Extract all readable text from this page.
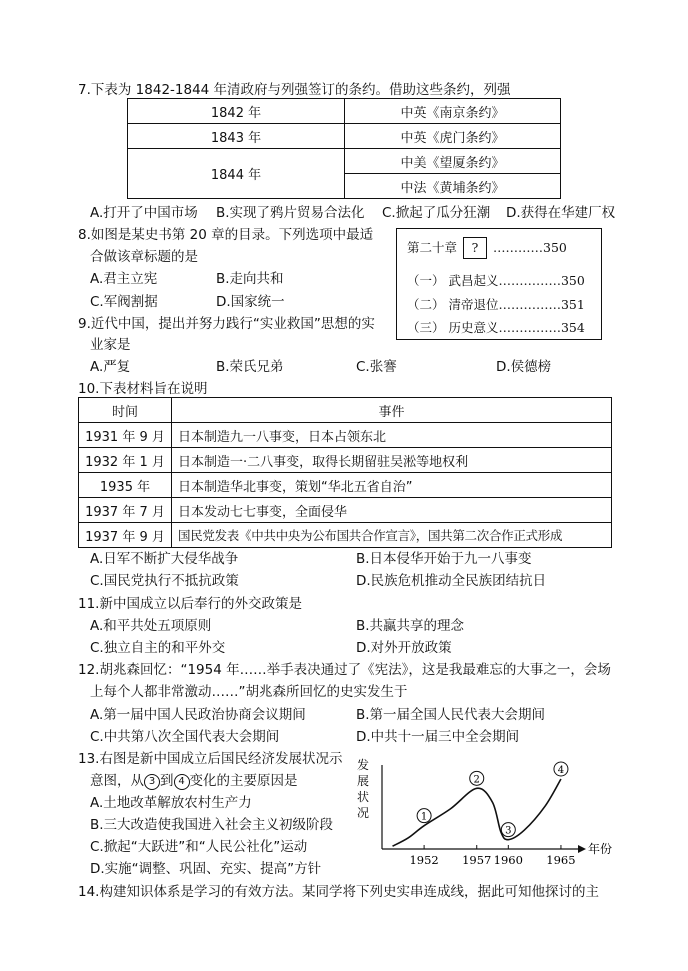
7.下表为 1842-1844 年清政府与列强签订的条约。借助这些条约，列强
1842 年	中英《南京条约》
1843 年	中英《虎门条约》
1844 年	中美《望厦条约》
	中法《黄埔条约》
A.打开了中国市场 B.实现了鸦片贸易合法化 C.掀起了瓜分狂潮 D.获得在华建厂权
8.如图是某史书第 20 章的目录。下列选项中最适
合做该章标题的是
A.君主立宪	B.走向共和
C.军阀割据	D.国家统一
第二十章 ? …………350
（一） 武昌起义……………350
（二） 清帝退位……………351
（三） 历史意义……………354
9.近代中国，提出并努力践行“实业救国”思想的实
业家是
A.严复	B.荣氏兄弟	C.张謇	D.侯德榜
10.下表材料旨在说明
时间	事件
1931 年 9 月	日本制造九一八事变，日本占领东北
1932 年 1 月	日本制造一·二八事变，取得长期留驻吴淞等地权利
1935 年	日本制造华北事变，策划“华北五省自治”
1937 年 7 月	日本发动七七事变，全面侵华
1937 年 9 月	国民党发表《中共中央为公布国共合作宣言》，国共第二次合作正式形成
A.日军不断扩大侵华战争	B.日本侵华开始于九一八事变
C.国民党执行不抵抗政策	D.民族危机推动全民族团结抗日
11.新中国成立以后奉行的外交政策是
A.和平共处五项原则	B.共赢共享的理念
C.独立自主的和平外交	D.对外开放政策
12.胡兆森回忆：“1954 年……举手表决通过了《宪法》，这是我最难忘的大事之一，会场
上每个人都非常激动……”胡兆森所回忆的史实发生于
A.第一届中国人民政治协商会议期间	B.第一届全国人民代表大会期间
C.中共第八次全国代表大会期间	D.中共十一届三中全会期间
13.右图是新中国成立后国民经济发展状况示
意图，从 3 到 4 变化的主要原因是
A.土地改革解放农村生产力
B.三大改造使我国进入社会主义初级阶段
C.掀起“大跃进”和“人民公社化”运动
D.实施“调整、巩固、充实、提高”方针
发
展
状
况
年份
1952 1957 1960 1965
1
2
3
4
14.构建知识体系是学习的有效方法。某同学将下列史实串连成线，据此可知他探讨的主
